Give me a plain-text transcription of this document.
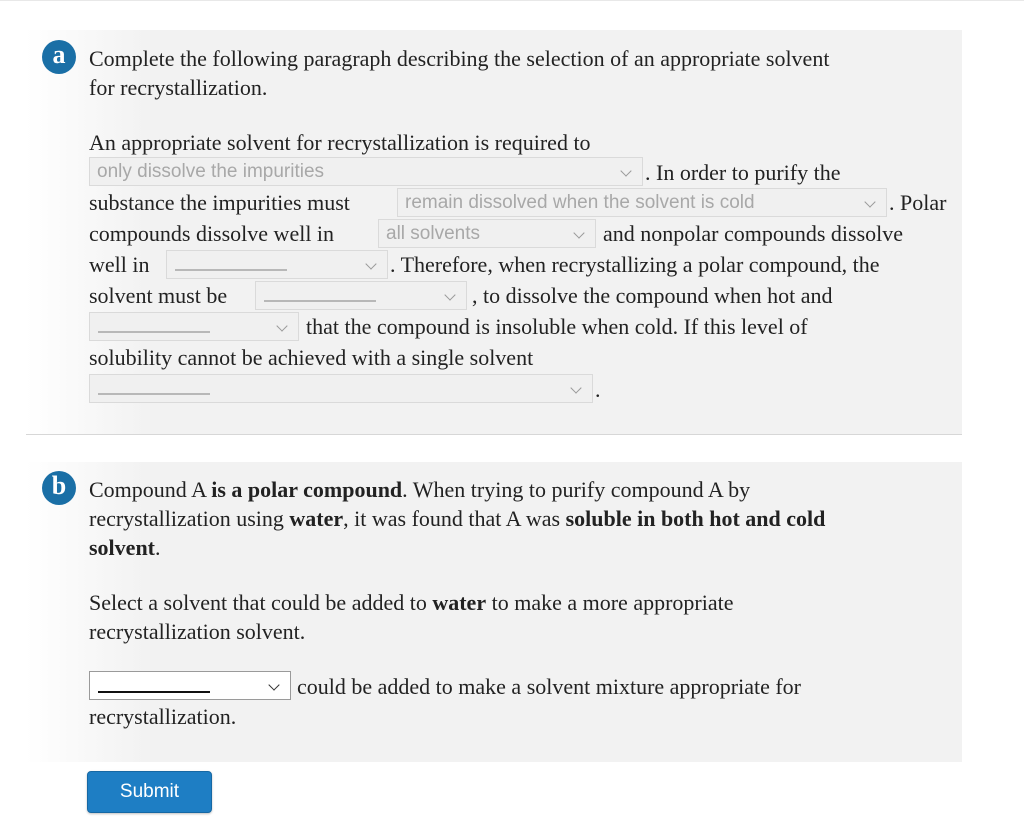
a	Complete the following paragraph describing the selection of an appropriate solvent

for recrystallization.

An appropriate solvent for recrystallization is required to

only dissolve the impurities	. In order to purify the

substance the impurities must	remain dissolved when the solvent is cold	. Polar

compounds dissolve well in	all solvents	and nonpolar compounds dissolve

well in	. Therefore, when recrystallizing a polar compound, the

solvent must be	, to dissolve the compound when hot and

that the compound is insoluble when cold. If this level of

solubility cannot be achieved with a single solvent

.

b	Compound A is a polar compound. When trying to purify compound A by

recrystallization using water, it was found that A was soluble in both hot and cold

solvent.

Select a solvent that could be added to water to make a more appropriate

recrystallization solvent.

could be added to make a solvent mixture appropriate for

recrystallization.

Submit
